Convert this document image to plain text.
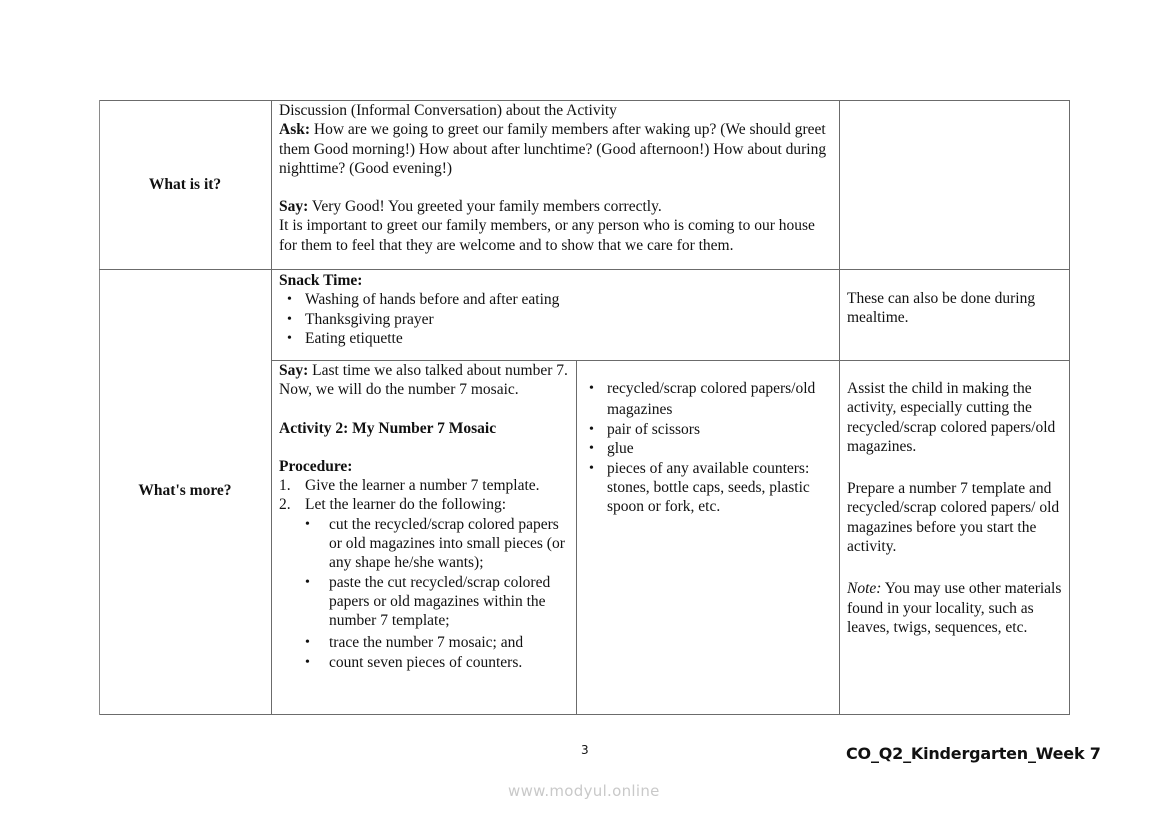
What is it?
Discussion (Informal Conversation) about the Activity
Ask: How are we going to greet our family members after waking up? (We should greet them Good morning!) How about after lunchtime? (Good afternoon!) How about during nighttime? (Good evening!)
Say: Very Good! You greeted your family members correctly.
It is important to greet our family members, or any person who is coming to our house for them to feel that they are welcome and to show that we care for them.
What's more?
Snack Time:
• Washing of hands before and after eating
• Thanksgiving prayer
• Eating etiquette
These can also be done during mealtime.
Say: Last time we also talked about number 7. Now, we will do the number 7 mosaic.
Activity 2: My Number 7 Mosaic
Procedure:
1. Give the learner a number 7 template.
2. Let the learner do the following:
• cut the recycled/scrap colored papers or old magazines into small pieces (or any shape he/she wants);
• paste the cut recycled/scrap colored papers or old magazines within the number 7 template;
• trace the number 7 mosaic; and
• count seven pieces of counters.
• recycled/scrap colored papers/old magazines
• pair of scissors
• glue
• pieces of any available counters: stones, bottle caps, seeds, plastic spoon or fork, etc.
Assist the child in making the activity, especially cutting the recycled/scrap colored papers/old magazines.
Prepare a number 7 template and recycled/scrap colored papers/ old magazines before you start the activity.
Note: You may use other materials found in your locality, such as leaves, twigs, sequences, etc.
3	CO_Q2_Kindergarten_Week 7
www.modyul.online
